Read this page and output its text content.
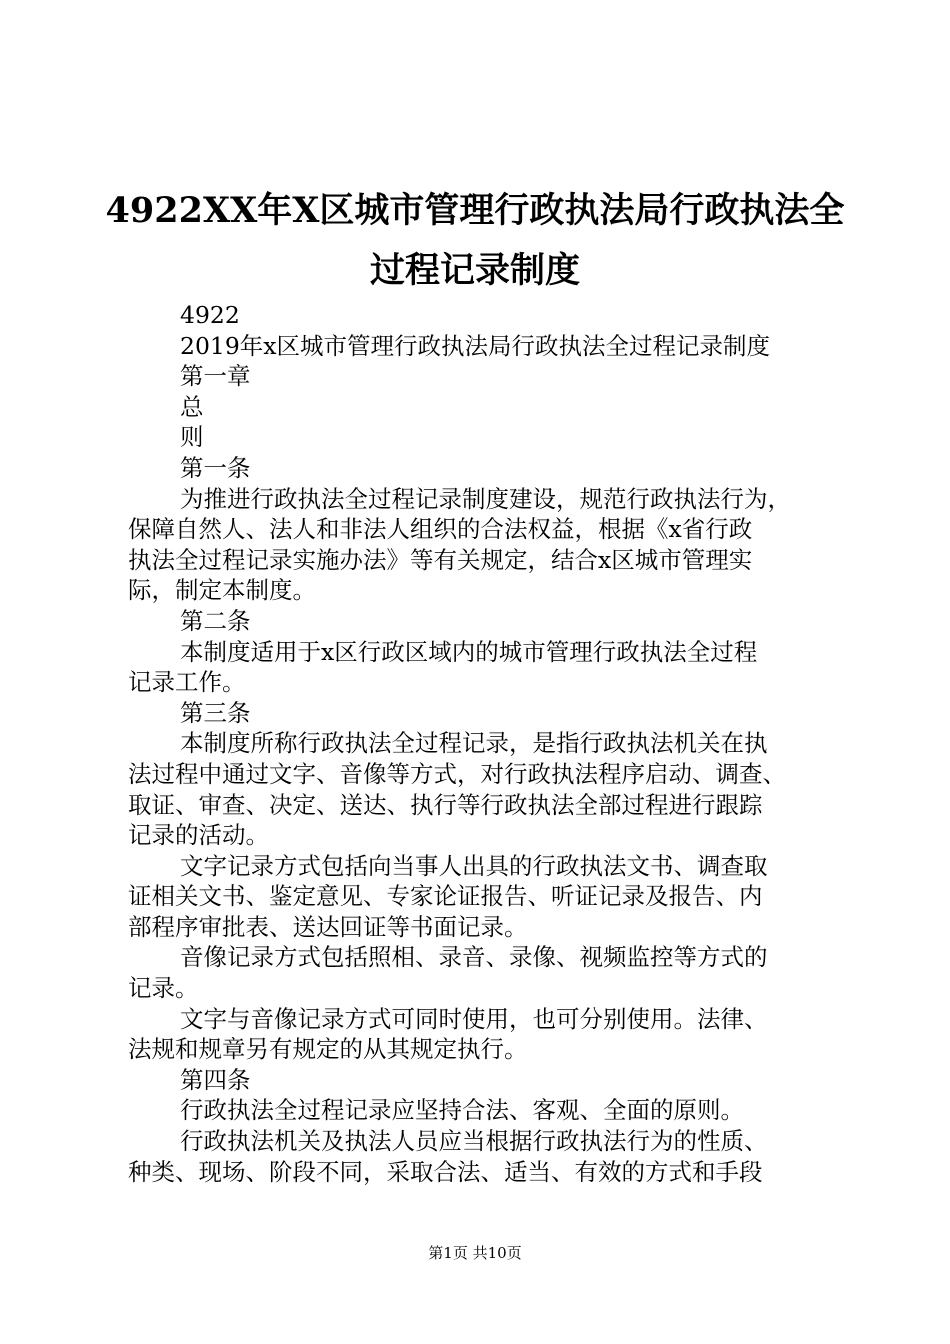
4922XX年X区城市管理行政执法局行政执法全
过程记录制度
4922
2019年x区城市管理行政执法局行政执法全过程记录制度
第一章
总
则
第一条
为推进行政执法全过程记录制度建设，规范行政执法行为，
保障自然人、法人和非法人组织的合法权益，根据《x省行政
执法全过程记录实施办法》等有关规定，结合x区城市管理实
际，制定本制度。
第二条
本制度适用于x区行政区域内的城市管理行政执法全过程
记录工作。
第三条
本制度所称行政执法全过程记录，是指行政执法机关在执
法过程中通过文字、音像等方式，对行政执法程序启动、调查、
取证、审查、决定、送达、执行等行政执法全部过程进行跟踪
记录的活动。
文字记录方式包括向当事人出具的行政执法文书、调查取
证相关文书、鉴定意见、专家论证报告、听证记录及报告、内
部程序审批表、送达回证等书面记录。
音像记录方式包括照相、录音、录像、视频监控等方式的
记录。
文字与音像记录方式可同时使用，也可分别使用。法律、
法规和规章另有规定的从其规定执行。
第四条
行政执法全过程记录应坚持合法、客观、全面的原则。
行政执法机关及执法人员应当根据行政执法行为的性质、
种类、现场、阶段不同，采取合法、适当、有效的方式和手段
第1页 共10页
